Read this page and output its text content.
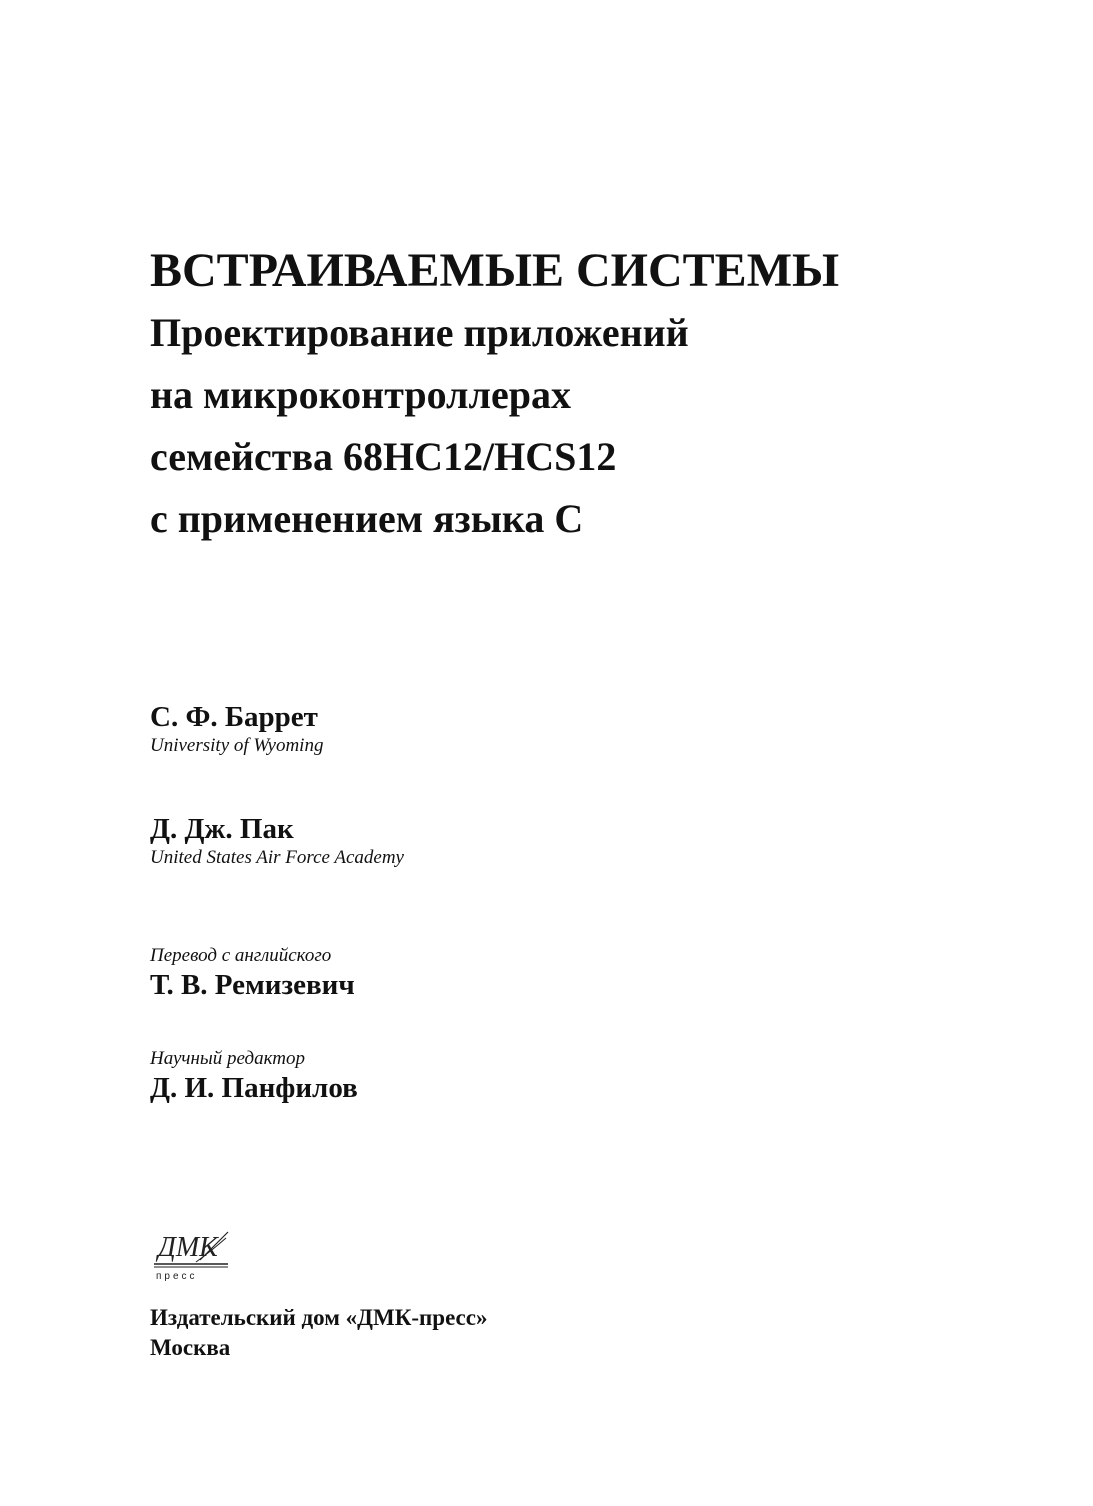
ВСТРАИВАЕМЫЕ СИСТЕМЫ
Проектирование приложений
на микроконтроллерах
семейства 68HC12/HCS12
с применением языка С
С. Ф. Баррет
University of Wyoming
Д. Дж. Пак
United States Air Force Academy
Перевод с английского
Т. В. Ремизевич
Научный редактор
Д. И. Панфилов
ДМК
пресс
Издательский дом «ДМК-пресс»
Москва
